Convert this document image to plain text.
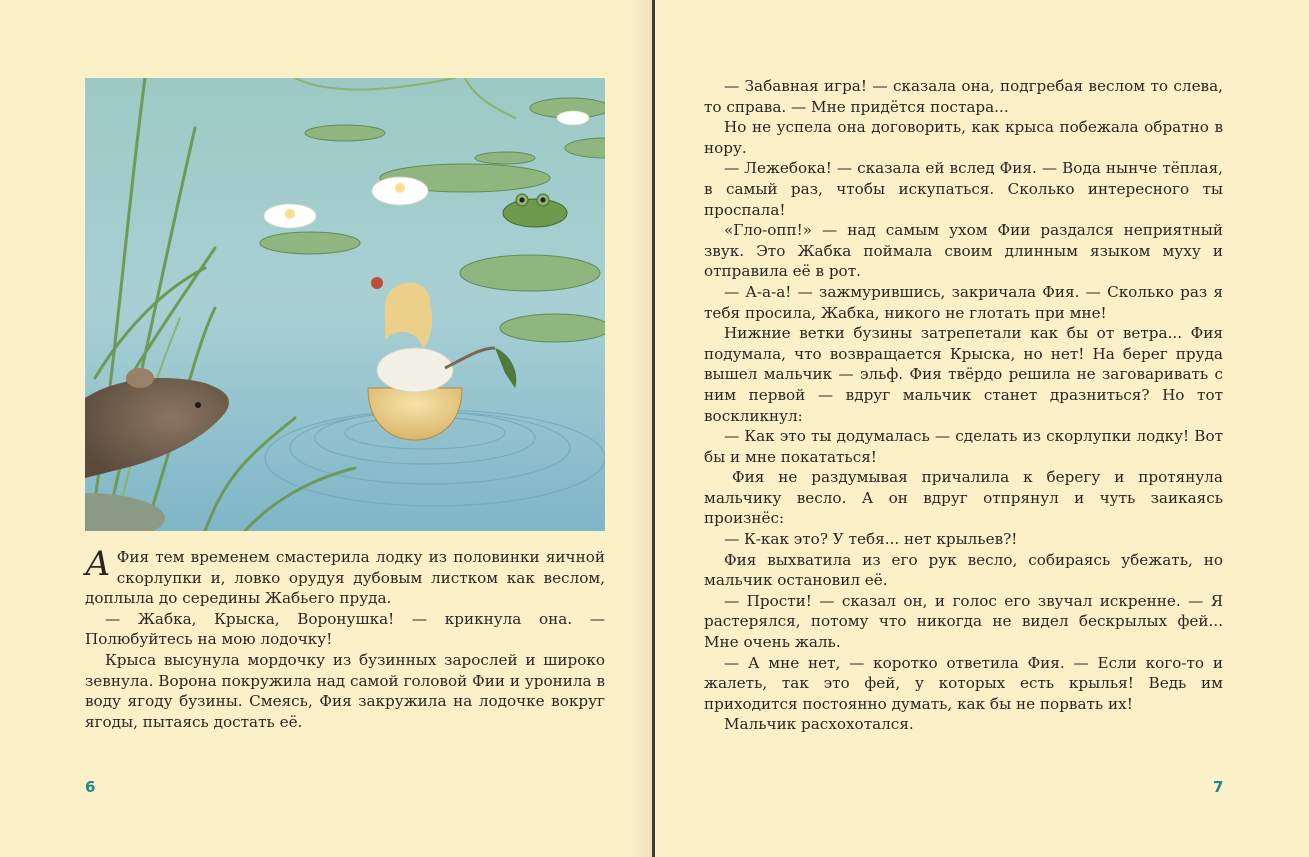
А Фия тем временем смастерила лодку из половинки яичной скорлупки и, ловко орудуя дубовым листком как веслом, доплыла до середины Жабьего пруда.

— Жабка, Крыска, Воронушка! — крикнула она. — Полюбуйтесь на мою лодочку!

Крыса высунула мордочку из бузинных зарослей и широко зевнула. Ворона покружила над самой головой Фии и уронила в воду ягоду бузины. Смеясь, Фия закружила на лодочке вокруг ягоды, пытаясь достать её.

6

— Забавная игра! — сказала она, подгребая веслом то слева, то справа. — Мне придётся постара...

Но не успела она договорить, как крыса побежала обратно в нору.

— Лежебока! — сказала ей вслед Фия. — Вода нынче тёплая, в самый раз, чтобы искупаться. Сколько интересного ты проспала!

«Гло-опп!» — над самым ухом Фии раздался неприятный звук. Это Жабка поймала своим длинным языком муху и отправила её в рот.

— А-а-а! — зажмурившись, закричала Фия. — Сколько раз я тебя просила, Жабка, никого не глотать при мне!

Нижние ветки бузины затрепетали как бы от ветра... Фия подумала, что возвращается Крыска, но нет! На берег пруда вышел мальчик — эльф. Фия твёрдо решила не заговаривать с ним первой — вдруг мальчик станет дразниться? Но тот воскликнул:

— Как это ты додумалась — сделать из скорлупки лодку! Вот бы и мне покататься!

Фия не раздумывая причалила к берегу и протянула мальчику весло. А он вдруг отпрянул и чуть заикаясь произнёс:

— К-как это? У тебя... нет крыльев?!

Фия выхватила из его рук весло, собираясь убежать, но мальчик остановил её.

— Прости! — сказал он, и голос его звучал искренне. — Я растерялся, потому что никогда не видел бескрылых фей... Мне очень жаль.

— А мне нет, — коротко ответила Фия. — Если кого-то и жалеть, так это фей, у которых есть крылья! Ведь им приходится постоянно думать, как бы не порвать их!

Мальчик расхохотался.

7
